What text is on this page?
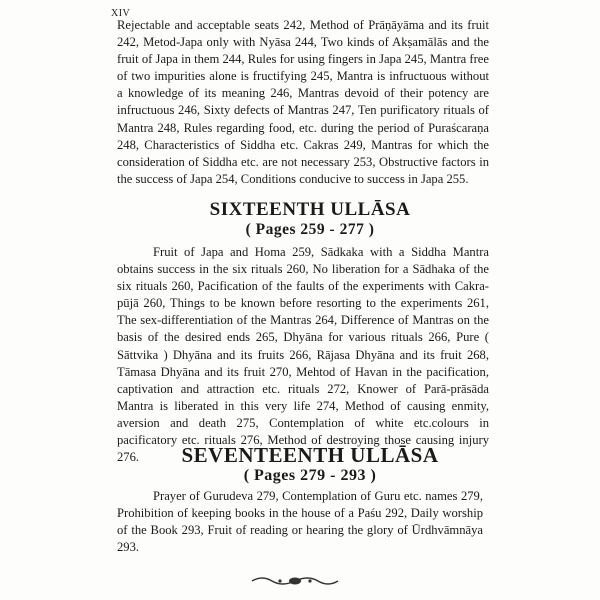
XIV

Rejectable and acceptable seats 242, Method of Prāṇāyāma and its fruit 242, Metod-Japa only with Nyāsa 244, Two kinds of Akṣamālās and the fruit of Japa in them 244, Rules for using fingers in Japa 245, Mantra free of two impurities alone is fructifying 245, Mantra is infructuous without a knowledge of its meaning 246, Mantras devoid of their potency are infructuous 246, Sixty defects of Mantras 247, Ten purificatory rituals of Mantra 248, Rules regarding food, etc. during the period of Puraścaraṇa 248, Characteristics of Siddha etc. Cakras 249, Mantras for which the consideration of Siddha etc. are not necessary 253, Obstructive factors in the success of Japa 254, Conditions conducive to success in Japa 255.

SIXTEENTH ULLĀSA
( Pages 259 - 277 )

Fruit of Japa and Homa 259, Sādkaka with a Siddha Mantra obtains success in the six rituals 260, No liberation for a Sādhaka of the six rituals 260, Pacification of the faults of the experiments with Cakra-pūjā 260, Things to be known before resorting to the experiments 261, The sex-differentiation of the Mantras 264, Difference of Mantras on the basis of the desired ends 265, Dhyāna for various rituals 266, Pure ( Sāttvika ) Dhyāna and its fruits 266, Rājasa Dhyāna and its fruit 268, Tāmasa Dhyāna and its fruit 270, Mehtod of Havan in the pacification, captivation and attraction etc. rituals 272, Knower of Parā-prāsāda Mantra is liberated in this very life 274, Method of causing enmity, aversion and death 275, Contemplation of white etc.colours in pacificatory etc. rituals 276, Method of destroying those causing injury 276.	SEVENTEENTH ULLĀSA
( Pages 279 - 293 )

Prayer of Gurudeva 279, Contemplation of Guru etc. names 279, Prohibition of keeping books in the house of a Paśu 292, Daily worship of the Book 293, Fruit of reading or hearing the glory of Ūrdhvāmnāya 293.
